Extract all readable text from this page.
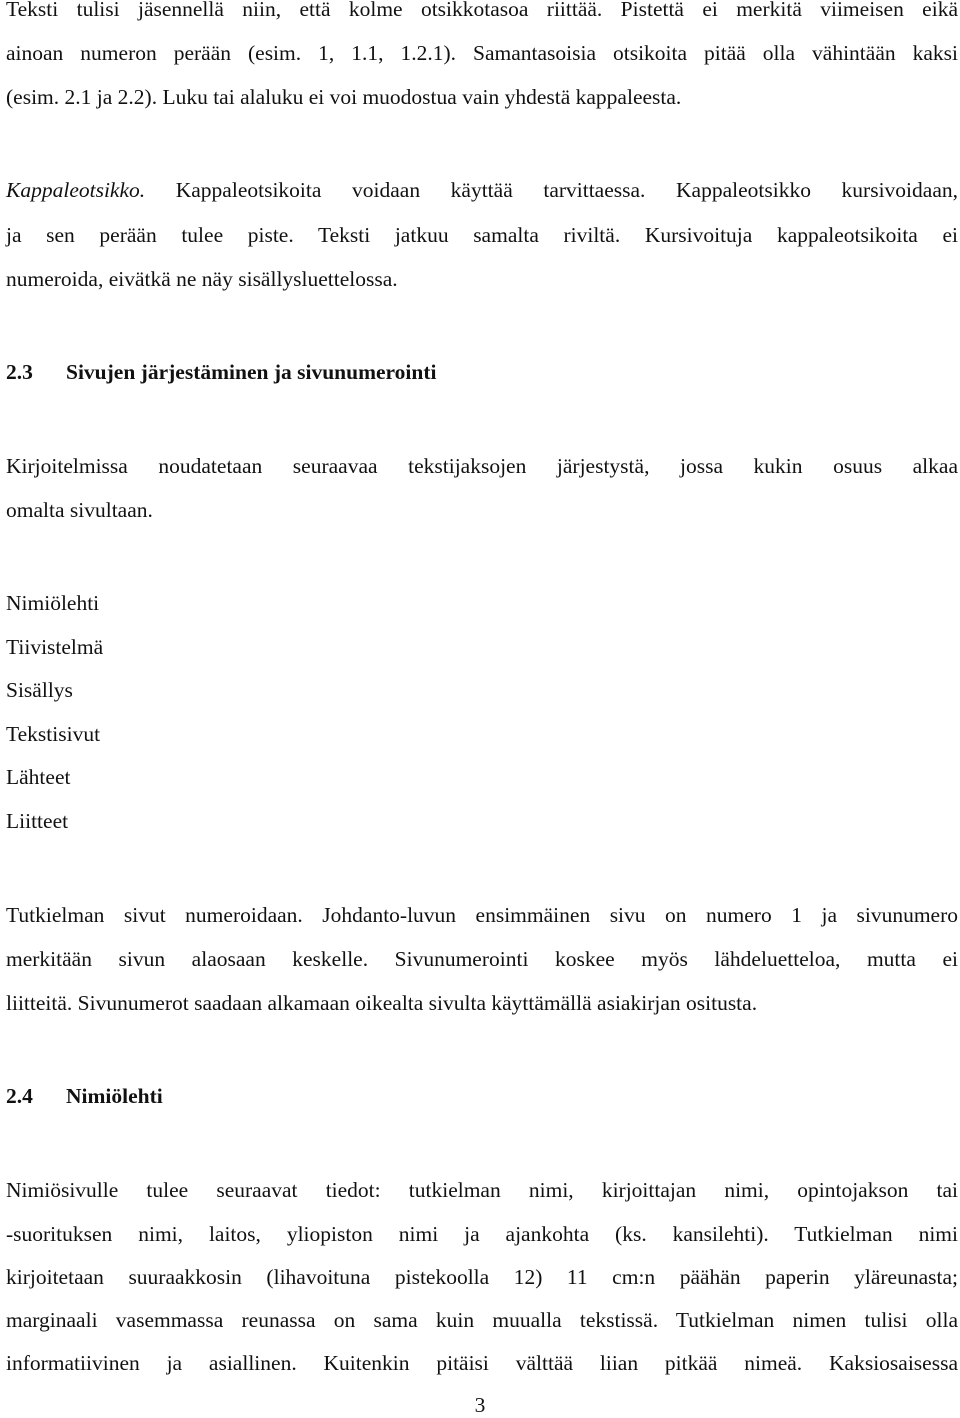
Teksti tulisi jäsennellä niin, että kolme otsikkotasoa riittää. Pistettä ei merkitä viimeisen eikä
ainoan numeron perään (esim. 1, 1.1, 1.2.1). Samantasoisia otsikoita pitää olla vähintään kaksi
(esim. 2.1 ja 2.2). Luku tai alaluku ei voi muodostua vain yhdestä kappaleesta.
Kappaleotsikko. Kappaleotsikoita voidaan käyttää tarvittaessa. Kappaleotsikko kursivoidaan,
ja sen perään tulee piste. Teksti jatkuu samalta riviltä. Kursivoituja kappaleotsikoita ei
numeroida, eivätkä ne näy sisällysluettelossa.
2.3 Sivujen järjestäminen ja sivunumerointi
Kirjoitelmissa noudatetaan seuraavaa tekstijaksojen järjestystä, jossa kukin osuus alkaa
omalta sivultaan.
Nimiölehti
Tiivistelmä
Sisällys
Tekstisivut
Lähteet
Liitteet
Tutkielman sivut numeroidaan. Johdanto-luvun ensimmäinen sivu on numero 1 ja sivunumero
merkitään sivun alaosaan keskelle. Sivunumerointi koskee myös lähdeluetteloa, mutta ei
liitteitä. Sivunumerot saadaan alkamaan oikealta sivulta käyttämällä asiakirjan ositusta.
2.4 Nimiölehti
Nimiösivulle tulee seuraavat tiedot: tutkielman nimi, kirjoittajan nimi, opintojakson tai
-suorituksen nimi, laitos, yliopiston nimi ja ajankohta (ks. kansilehti). Tutkielman nimi
kirjoitetaan suuraakkosin (lihavoituna pistekoolla 12) 11 cm:n päähän paperin yläreunasta;
marginaali vasemmassa reunassa on sama kuin muualla tekstissä. Tutkielman nimen tulisi olla
informatiivinen ja asiallinen. Kuitenkin pitäisi välttää liian pitkää nimeä. Kaksiosaisessa
3
